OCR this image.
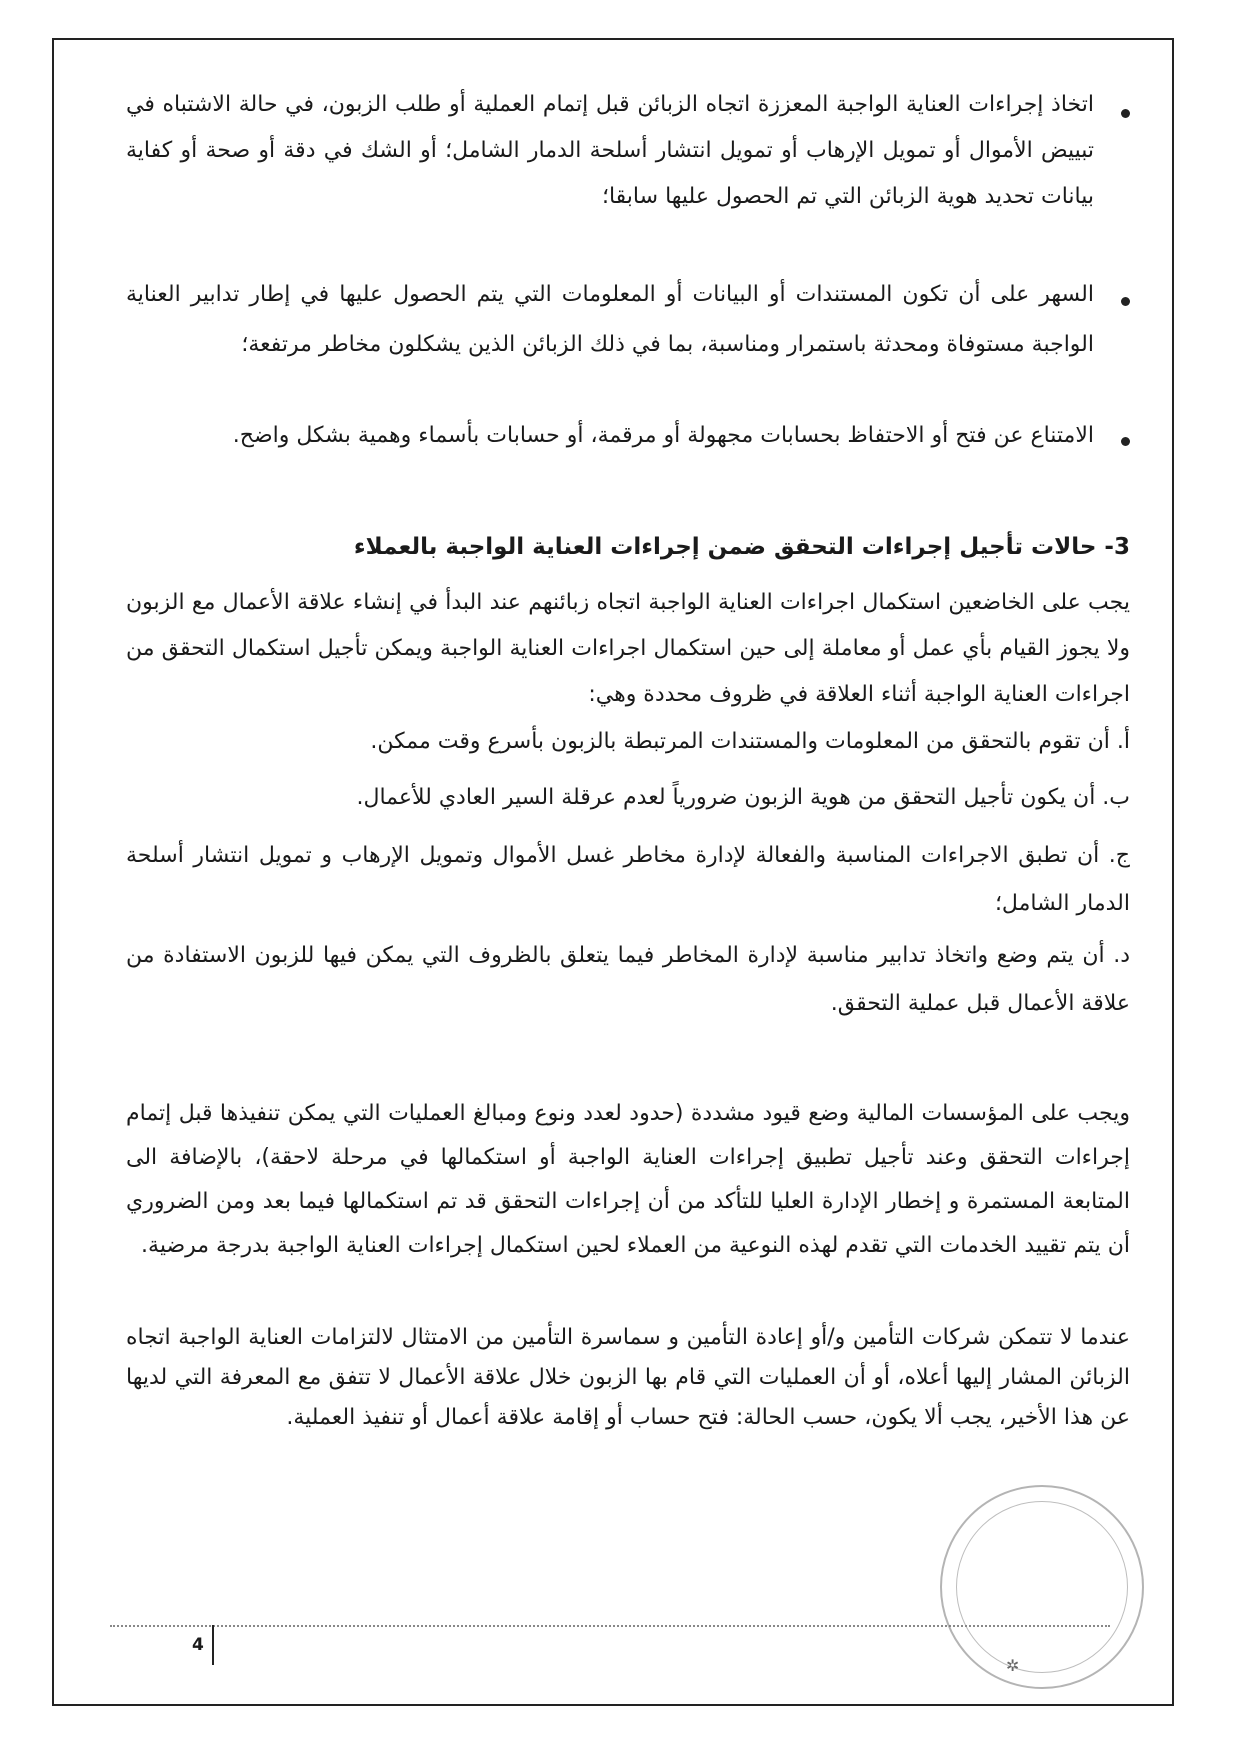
اتخاذ إجراءات العناية الواجبة المعززة اتجاه الزبائن قبل إتمام العملية أو طلب الزبون، في حالة الاشتباه في تبييض الأموال أو تمويل الإرهاب أو تمويل انتشار أسلحة الدمار الشامل؛ أو الشك في دقة أو صحة أو كفاية بيانات تحديد هوية الزبائن التي تم الحصول عليها سابقا؛
السهر على أن تكون المستندات أو البيانات أو المعلومات التي يتم الحصول عليها في إطار تدابير العناية الواجبة مستوفاة ومحدثة باستمرار ومناسبة، بما في ذلك الزبائن الذين يشكلون مخاطر مرتفعة؛
الامتناع عن فتح أو الاحتفاظ بحسابات مجهولة أو مرقمة، أو حسابات بأسماء وهمية بشكل واضح.
3- حالات تأجيل إجراءات التحقق ضمن إجراءات العناية الواجبة بالعملاء
يجب على الخاضعين استكمال اجراءات العناية الواجبة اتجاه زبائنهم عند البدأ في إنشاء علاقة الأعمال مع الزبون ولا يجوز القيام بأي عمل أو معاملة إلى حين استكمال اجراءات العناية الواجبة ويمكن تأجيل استكمال التحقق من اجراءات العناية الواجبة أثناء العلاقة في ظروف محددة وهي:
أ. أن تقوم بالتحقق من المعلومات والمستندات المرتبطة بالزبون بأسرع وقت ممكن.
ب. أن يكون تأجيل التحقق من هوية الزبون ضرورياً لعدم عرقلة السير العادي للأعمال.
ج. أن تطبق الاجراءات المناسبة والفعالة لإدارة مخاطر غسل الأموال وتمويل الإرهاب و تمويل انتشار أسلحة الدمار الشامل؛
د. أن يتم وضع واتخاذ تدابير مناسبة لإدارة المخاطر فيما يتعلق بالظروف التي يمكن فيها للزبون الاستفادة من علاقة الأعمال قبل عملية التحقق.
ويجب على المؤسسات المالية وضع قيود مشددة (حدود لعدد ونوع ومبالغ العمليات التي يمكن تنفيذها قبل إتمام إجراءات التحقق وعند تأجيل تطبيق إجراءات العناية الواجبة أو استكمالها في مرحلة لاحقة)، بالإضافة الى المتابعة المستمرة و إخطار الإدارة العليا للتأكد من أن إجراءات التحقق قد تم استكمالها فيما بعد ومن الضروري أن يتم تقييد الخدمات التي تقدم لهذه النوعية من العملاء لحين استكمال إجراءات العناية الواجبة بدرجة مرضية.
عندما لا تتمكن شركات التأمين و/أو إعادة التأمين و سماسرة التأمين من الامتثال لالتزامات العناية الواجبة اتجاه الزبائن المشار إليها أعلاه، أو أن العمليات التي قام بها الزبون خلال علاقة الأعمال لا تتفق مع المعرفة التي لديها عن هذا الأخير، يجب ألا يكون، حسب الحالة: فتح حساب أو إقامة علاقة أعمال أو تنفيذ العملية.
4
✲
